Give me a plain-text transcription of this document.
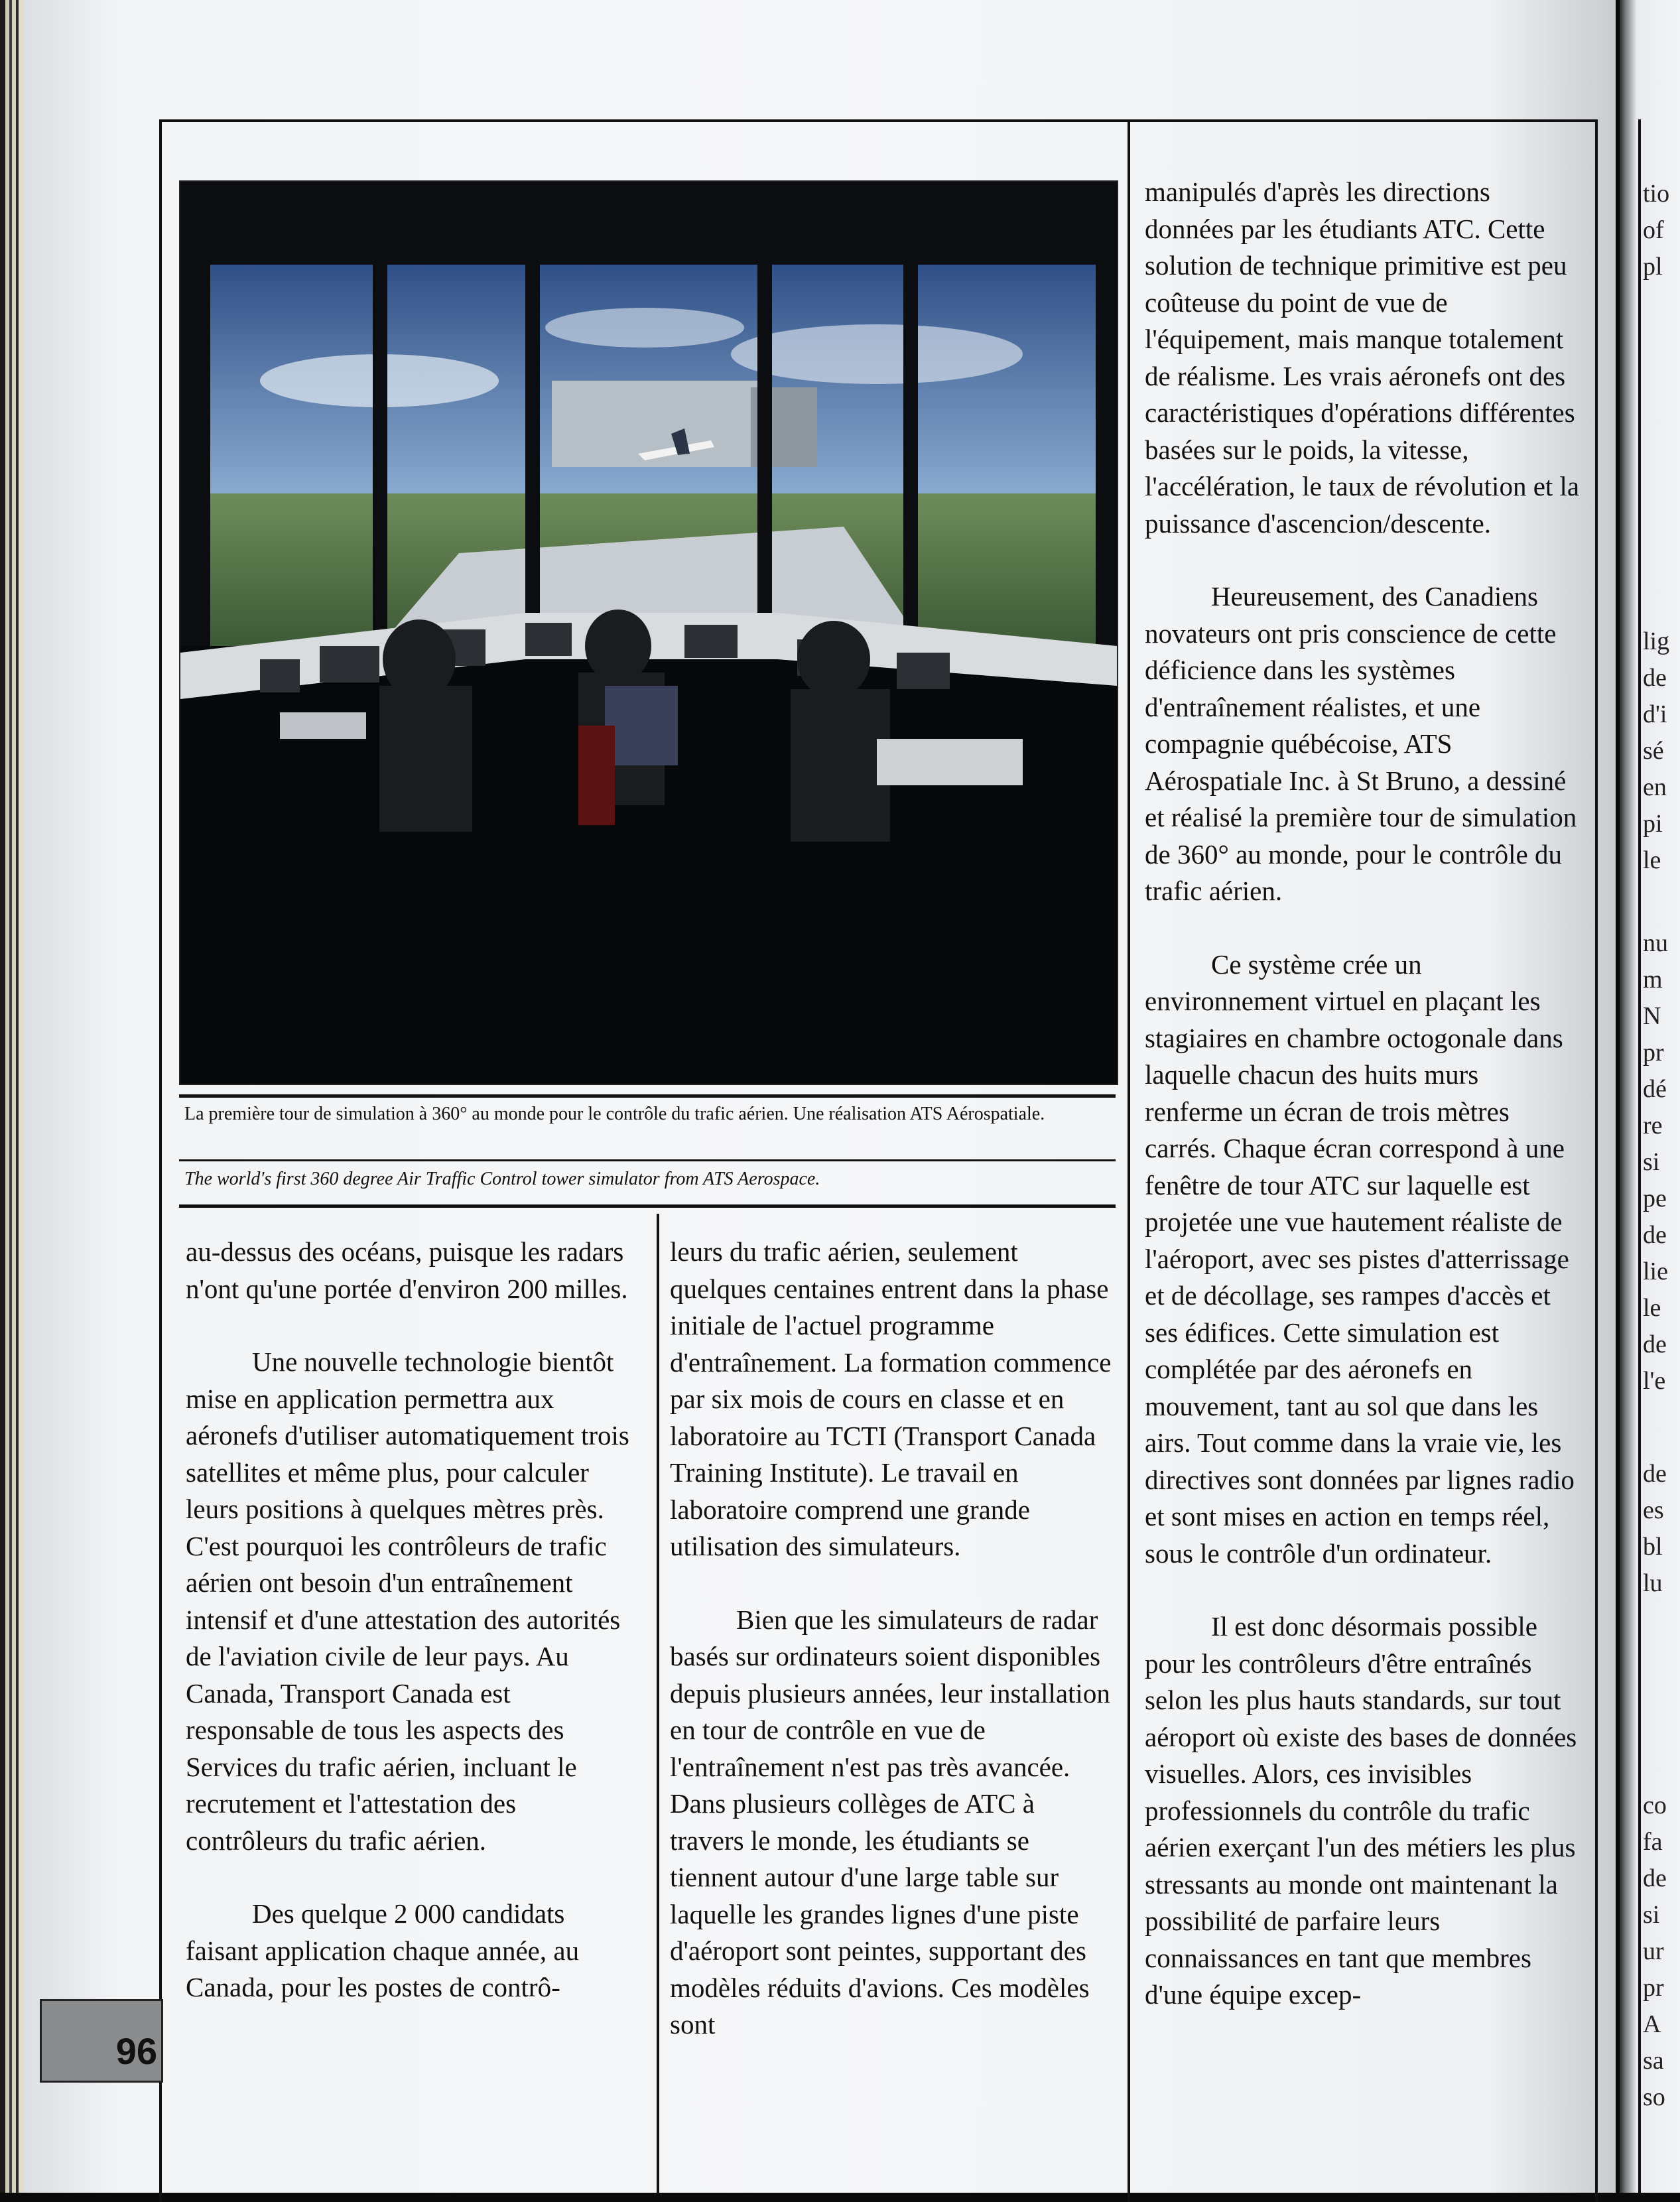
La première tour de simulation à 360° au monde pour le contrôle du trafic aérien. Une réalisation ATS Aérospatiale.
The world's first 360 degree Air Traffic Control tower simulator from ATS Aerospace.

au-dessus des océans, puisque les radars n'ont qu'une portée d'environ 200 milles.

Une nouvelle technologie bientôt mise en application permettra aux aéronefs d'utiliser automatiquement trois satellites et même plus, pour calculer leurs positions à quelques mètres près. C'est pourquoi les contrôleurs de trafic aérien ont besoin d'un entraînement intensif et d'une attestation des autorités de l'aviation civile de leur pays. Au Canada, Transport Canada est responsable de tous les aspects des Services du trafic aérien, incluant le recrutement et l'attestation des contrôleurs du trafic aérien.

Des quelque 2 000 candidats faisant application chaque année, au Canada, pour les postes de contrô-

leurs du trafic aérien, seulement quelques centaines entrent dans la phase initiale de l'actuel programme d'entraînement. La formation commence par six mois de cours en classe et en laboratoire au TCTI (Transport Canada Training Institute). Le travail en laboratoire comprend une grande utilisation des simulateurs.

Bien que les simulateurs de radar basés sur ordinateurs soient disponibles depuis plusieurs années, leur installation en tour de contrôle en vue de l'entraînement n'est pas très avancée. Dans plusieurs collèges de ATC à travers le monde, les étudiants se tiennent autour d'une large table sur laquelle les grandes lignes d'une piste d'aéroport sont peintes, supportant des modèles réduits d'avions. Ces modèles sont

manipulés d'après les directions données par les étudiants ATC. Cette solution de technique primitive est peu coûteuse du point de vue de l'équipement, mais manque totalement de réalisme. Les vrais aéronefs ont des caractéristiques d'opérations différentes basées sur le poids, la vitesse, l'accélération, le taux de révolution et la puissance d'ascencion/descente.

Heureusement, des Canadiens novateurs ont pris conscience de cette déficience dans les systèmes d'entraînement réalistes, et une compagnie québécoise, ATS Aérospatiale Inc. à St Bruno, a dessiné et réalisé la première tour de simulation de 360° au monde, pour le contrôle du trafic aérien.

Ce système crée un environnement virtuel en plaçant les stagiaires en chambre octogonale dans laquelle chacun des huits murs renferme un écran de trois mètres carrés. Chaque écran correspond à une fenêtre de tour ATC sur laquelle est projetée une vue hautement réaliste de l'aéroport, avec ses pistes d'atterrissage et de décollage, ses rampes d'accès et ses édifices. Cette simulation est complétée par des aéronefs en mouvement, tant au sol que dans les airs. Tout comme dans la vraie vie, les directives sont données par lignes radio et sont mises en action en temps réel, sous le contrôle d'un ordinateur.

Il est donc désormais possible pour les contrôleurs d'être entraînés selon les plus hauts standards, sur tout aéroport où existe des bases de données visuelles. Alors, ces invisibles professionnels du contrôle du trafic aérien exerçant l'un des métiers les plus stressants au monde ont maintenant la possibilité de parfaire leurs connaissances en tant que membres d'une équipe excep-

96
tio
of
pl
lig
de
d'i
sé
en
pi
le
nu
m
N
pr
dé
re
si
pe
de
lie
le
de
l'e
de
es
bl
lu
co
fa
de
si
ur
pr
A
sa
so
